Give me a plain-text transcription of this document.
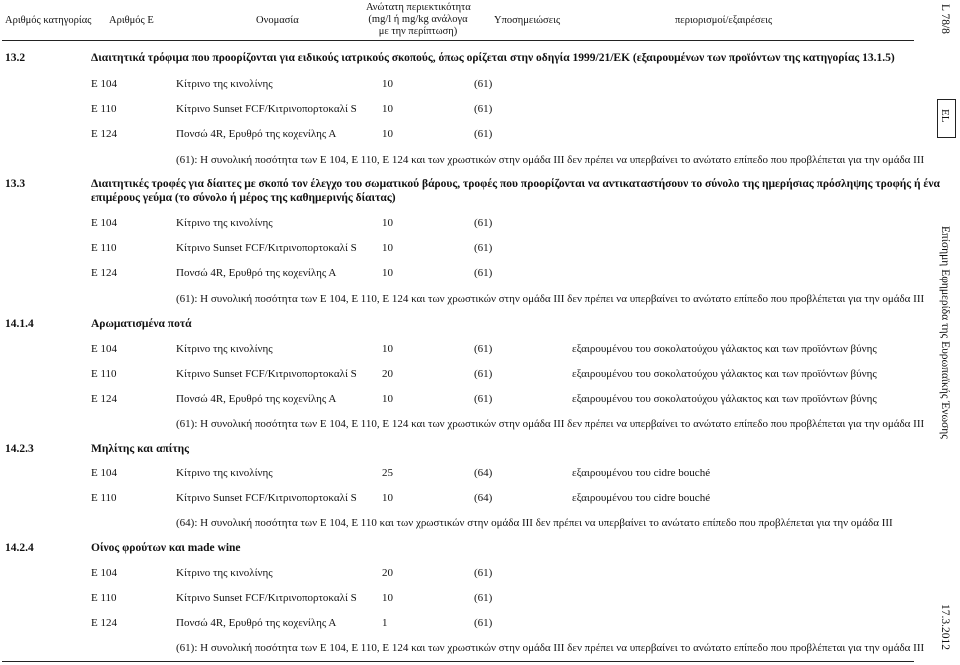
Αριθμός κατηγορίας Αριθμός Ε	Ονομασία
Ανώτατη περιεκτικότητα
(mg/l ή mg/kg ανάλογα
με την περίπτωση)
Υποσημειώσεις	περιορισμοί/εξαιρέσεις	L 78/8
EL
Επίσημη Εφημερίδα της Ευρωπαϊκής Ένωσης
17.3.2012
13.2	Διαιτητικά τρόφιμα που προορίζονται για ειδικούς ιατρικούς σκοπούς, όπως ορίζεται στην οδηγία 1999/21/ΕΚ (εξαιρουμένων των προϊόντων της κατηγορίας 13.1.5)
E 104	Κίτρινο της κινολίνης	10	(61)
E 110	Κίτρινο Sunset FCF/Κιτρινοπορτοκαλί S 10	(61)
E 124	Πονσώ 4R, Ερυθρό της κοχενίλης Α	10	(61)
(61): Η συνολική ποσότητα των E 104, E 110, E 124 και των χρωστικών στην ομάδα III δεν πρέπει να υπερβαίνει το ανώτατο επίπεδο που προβλέπεται για την ομάδα III
13.3	Διαιτητικές τροφές για δίαιτες με σκοπό τον έλεγχο του σωματικού βάρους, τροφές που προορίζονται να αντικαταστήσουν το σύνολο της ημερήσιας πρόσληψης τροφής ή ένα
επιμέρους γεύμα (το σύνολο ή μέρος της καθημερινής δίαιτας)
E 104	Κίτρινο της κινολίνης	10	(61)
E 110	Κίτρινο Sunset FCF/Κιτρινοπορτοκαλί S 10	(61)
E 124	Πονσώ 4R, Ερυθρό της κοχενίλης Α	10	(61)
(61): Η συνολική ποσότητα των E 104, E 110, E 124 και των χρωστικών στην ομάδα III δεν πρέπει να υπερβαίνει το ανώτατο επίπεδο που προβλέπεται για την ομάδα III
14.1.4	Αρωματισμένα ποτά
E 104	Κίτρινο της κινολίνης	10	(61)	εξαιρουμένου του σοκολατούχου γάλακτος και των προϊόντων βύνης
E 110	Κίτρινο Sunset FCF/Κιτρινοπορτοκαλί S 20	(61)	εξαιρουμένου του σοκολατούχου γάλακτος και των προϊόντων βύνης
E 124	Πονσώ 4R, Ερυθρό της κοχενίλης Α	10	(61)	εξαιρουμένου του σοκολατούχου γάλακτος και των προϊόντων βύνης
(61): Η συνολική ποσότητα των E 104, E 110, E 124 και των χρωστικών στην ομάδα III δεν πρέπει να υπερβαίνει το ανώτατο επίπεδο που προβλέπεται για την ομάδα III
14.2.3	Μηλίτης και απίτης
E 104	Κίτρινο της κινολίνης	25	(64)	εξαιρουμένου του cidre bouché
E 110	Κίτρινο Sunset FCF/Κιτρινοπορτοκαλί S 10	(64)	εξαιρουμένου του cidre bouché
(64): Η συνολική ποσότητα των E 104, E 110 και των χρωστικών στην ομάδα III δεν πρέπει να υπερβαίνει το ανώτατο επίπεδο που προβλέπεται για την ομάδα III
14.2.4	Οίνος φρούτων και made wine
E 104	Κίτρινο της κινολίνης	20	(61)
E 110	Κίτρινο Sunset FCF/Κιτρινοπορτοκαλί S 10	(61)
E 124	Πονσώ 4R, Ερυθρό της κοχενίλης Α	1	(61)
(61): Η συνολική ποσότητα των E 104, E 110, E 124 και των χρωστικών στην ομάδα III δεν πρέπει να υπερβαίνει το ανώτατο επίπεδο που προβλέπεται για την ομάδα III
